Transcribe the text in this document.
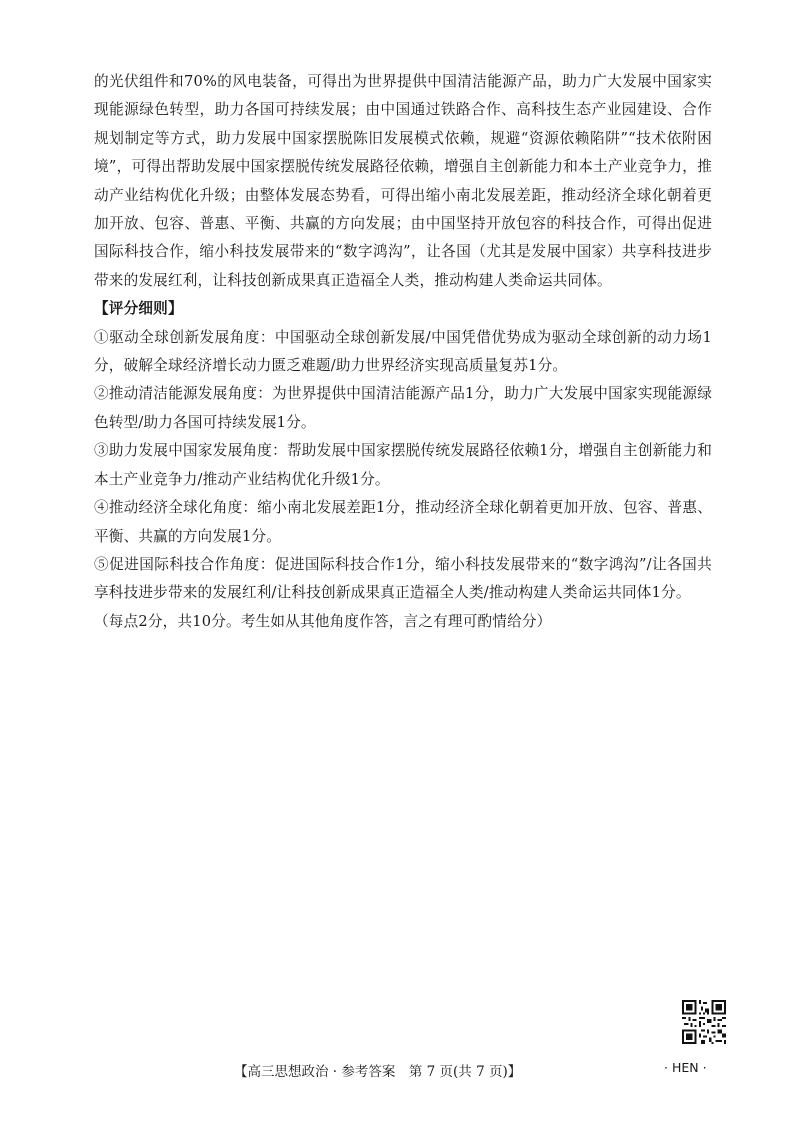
的光伏组件和70%的风电装备，可得出为世界提供中国清洁能源产品，助力广大发展中国家实现能源绿色转型，助力各国可持续发展；由中国通过铁路合作、高科技生态产业园建设、合作规划制定等方式，助力发展中国家摆脱陈旧发展模式依赖，规避“资源依赖陷阱”“技术依附困境”，可得出帮助发展中国家摆脱传统发展路径依赖，增强自主创新能力和本土产业竞争力，推动产业结构优化升级；由整体发展态势看，可得出缩小南北发展差距，推动经济全球化朝着更加开放、包容、普惠、平衡、共赢的方向发展；由中国坚持开放包容的科技合作，可得出促进国际科技合作，缩小科技发展带来的“数字鸿沟”，让各国（尤其是发展中国家）共享科技进步带来的发展红利，让科技创新成果真正造福全人类，推动构建人类命运共同体。

【评分细则】

①驱动全球创新发展角度：中国驱动全球创新发展/中国凭借优势成为驱动全球创新的动力场1分，破解全球经济增长动力匮乏难题/助力世界经济实现高质量复苏1分。

②推动清洁能源发展角度：为世界提供中国清洁能源产品1分，助力广大发展中国家实现能源绿色转型/助力各国可持续发展1分。

③助力发展中国家发展角度：帮助发展中国家摆脱传统发展路径依赖1分，增强自主创新能力和本土产业竞争力/推动产业结构优化升级1分。

④推动经济全球化角度：缩小南北发展差距1分，推动经济全球化朝着更加开放、包容、普惠、平衡、共赢的方向发展1分。

⑤促进国际科技合作角度：促进国际科技合作1分，缩小科技发展带来的“数字鸿沟”/让各国共享科技进步带来的发展红利/让科技创新成果真正造福全人类/推动构建人类命运共同体1分。

（每点2分，共10分。考生如从其他角度作答，言之有理可酌情给分）

【高三思想政治 · 参考答案　第 7 页(共 7 页)】	· HEN ·
